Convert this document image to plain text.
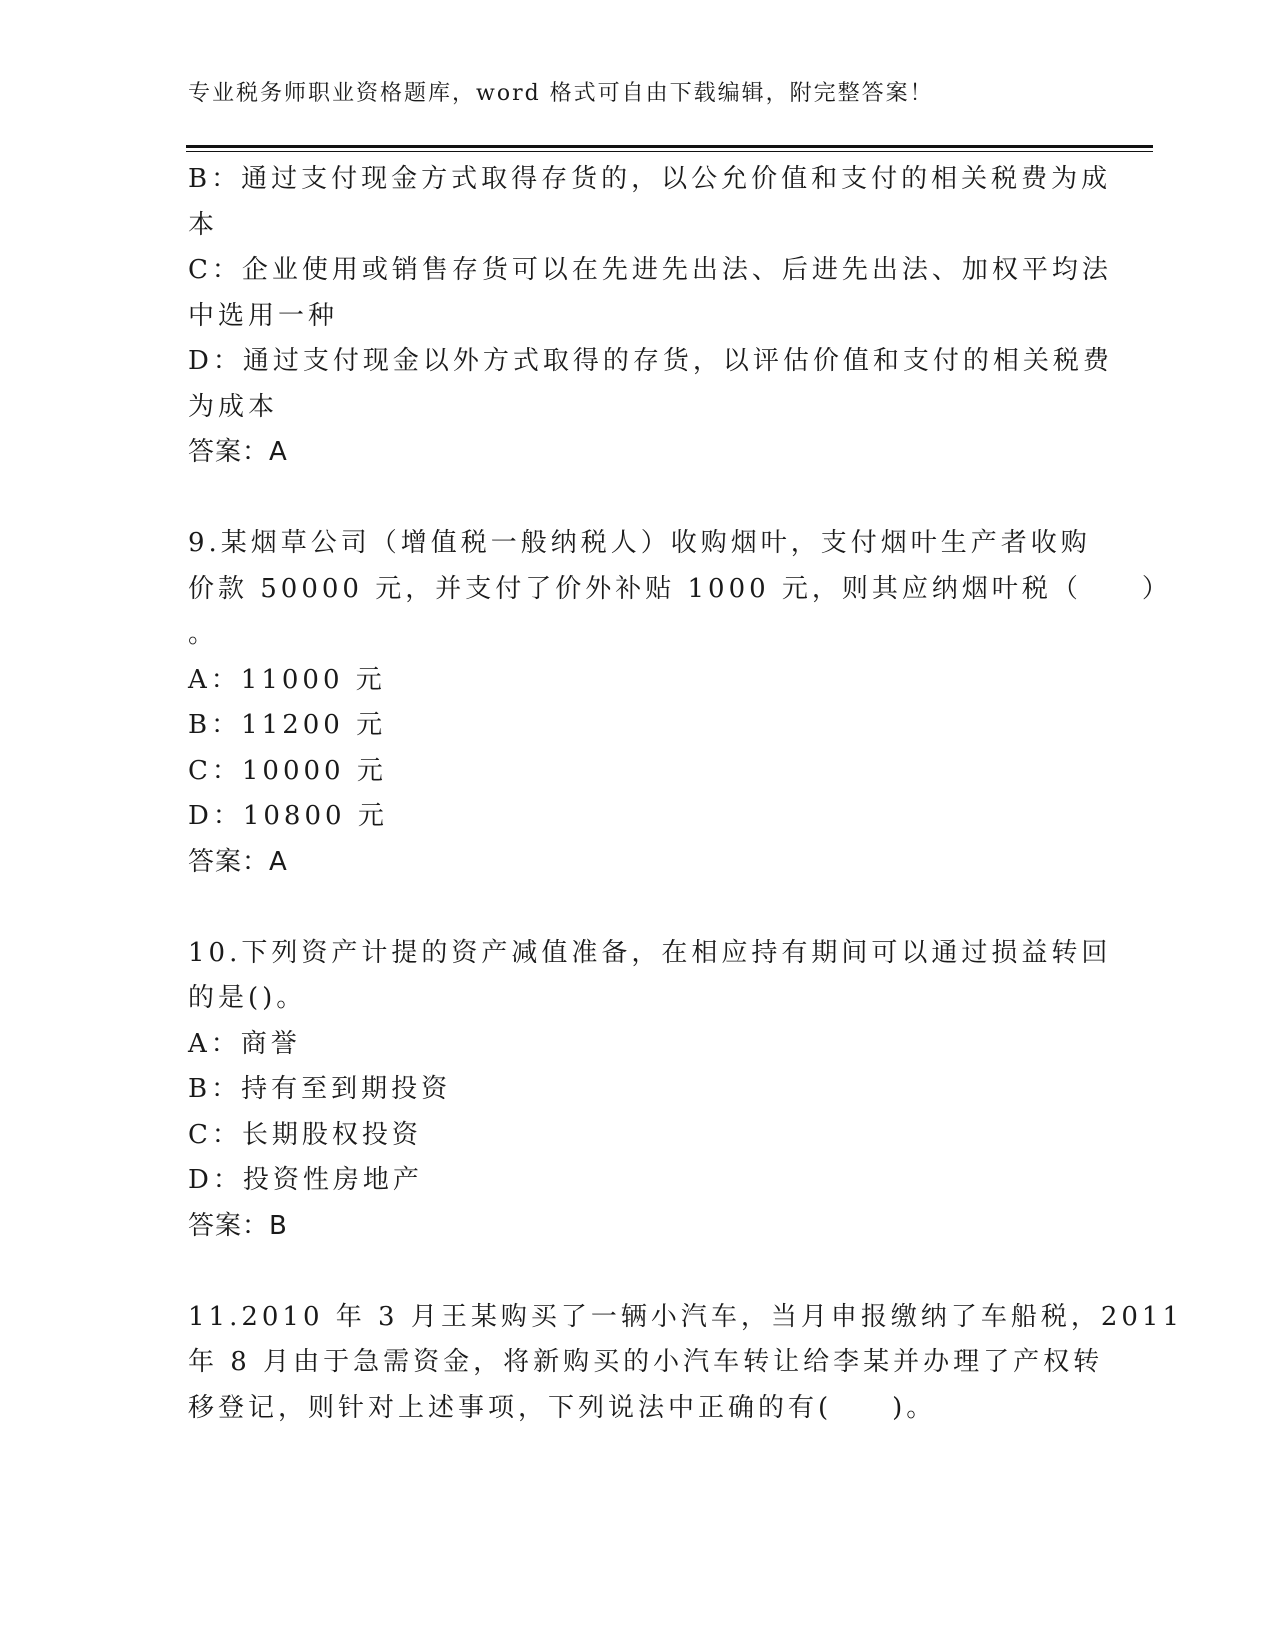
专业税务师职业资格题库，word 格式可自由下载编辑，附完整答案！
B：通过支付现金方式取得存货的，以公允价值和支付的相关税费为成
本
C：企业使用或销售存货可以在先进先出法、后进先出法、加权平均法
中选用一种
D：通过支付现金以外方式取得的存货，以评估价值和支付的相关税费
为成本
答案：A
9.某烟草公司（增值税一般纳税人）收购烟叶，支付烟叶生产者收购
价款 50000 元，并支付了价外补贴 1000 元，则其应纳烟叶税（　　）
。
A：11000 元
B：11200 元
C：10000 元
D：10800 元
答案：A
10.下列资产计提的资产减值准备，在相应持有期间可以通过损益转回
的是()。
A：商誉
B：持有至到期投资
C：长期股权投资
D：投资性房地产
答案：B
11.2010 年 3 月王某购买了一辆小汽车，当月申报缴纳了车船税，2011
年 8 月由于急需资金，将新购买的小汽车转让给李某并办理了产权转
移登记，则针对上述事项，下列说法中正确的有(　　)。
